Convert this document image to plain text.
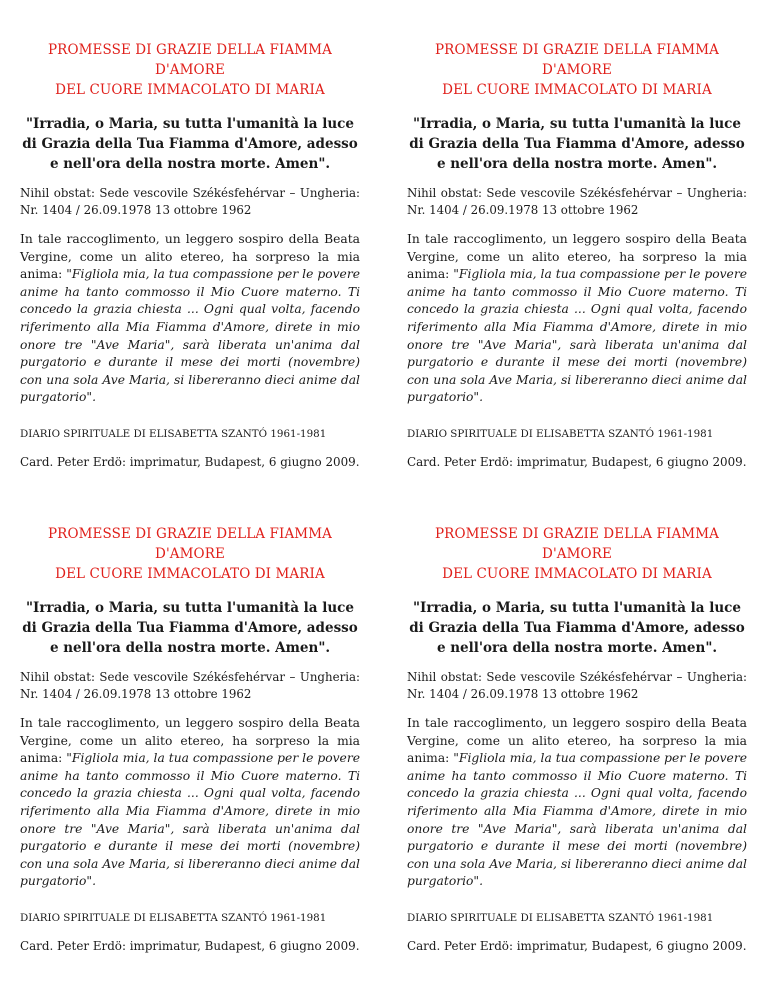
PROMESSE DI GRAZIE DELLA FIAMMA D'AMORE
DEL CUORE IMMACOLATO DI MARIA

"Irradia, o Maria, su tutta l'umanità la luce di Grazia della Tua Fiamma d'Amore, adesso e nell'ora della nostra morte. Amen".

Nihil obstat: Sede vescovile Székésfehérvar – Ungheria: Nr. 1404 / 26.09.1978 13 ottobre 1962

In tale raccoglimento, un leggero sospiro della Beata Vergine, come un alito etereo, ha sorpreso la mia anima: "Figliola mia, la tua compassione per le povere anime ha tanto commosso il Mio Cuore materno. Ti concedo la grazia chiesta ... Ogni qual volta, facendo riferimento alla Mia Fiamma d'Amore, direte in mio onore tre "Ave Maria", sarà liberata un'anima dal purgatorio e durante il mese dei morti (novembre) con una sola Ave Maria, si libereranno dieci anime dal purgatorio".

DIARIO SPIRITUALE DI ELISABETTA SZANTÓ 1961-1981

Card. Peter Erdö: imprimatur, Budapest, 6 giugno 2009.

PROMESSE DI GRAZIE DELLA FIAMMA D'AMORE
DEL CUORE IMMACOLATO DI MARIA

"Irradia, o Maria, su tutta l'umanità la luce di Grazia della Tua Fiamma d'Amore, adesso e nell'ora della nostra morte. Amen".

Nihil obstat: Sede vescovile Székésfehérvar – Ungheria: Nr. 1404 / 26.09.1978 13 ottobre 1962

In tale raccoglimento, un leggero sospiro della Beata Vergine, come un alito etereo, ha sorpreso la mia anima: "Figliola mia, la tua compassione per le povere anime ha tanto commosso il Mio Cuore materno. Ti concedo la grazia chiesta ... Ogni qual volta, facendo riferimento alla Mia Fiamma d'Amore, direte in mio onore tre "Ave Maria", sarà liberata un'anima dal purgatorio e durante il mese dei morti (novembre) con una sola Ave Maria, si libereranno dieci anime dal purgatorio".

DIARIO SPIRITUALE DI ELISABETTA SZANTÓ 1961-1981

Card. Peter Erdö: imprimatur, Budapest, 6 giugno 2009.

PROMESSE DI GRAZIE DELLA FIAMMA D'AMORE
DEL CUORE IMMACOLATO DI MARIA

"Irradia, o Maria, su tutta l'umanità la luce di Grazia della Tua Fiamma d'Amore, adesso e nell'ora della nostra morte. Amen".

Nihil obstat: Sede vescovile Székésfehérvar – Ungheria: Nr. 1404 / 26.09.1978 13 ottobre 1962

In tale raccoglimento, un leggero sospiro della Beata Vergine, come un alito etereo, ha sorpreso la mia anima: "Figliola mia, la tua compassione per le povere anime ha tanto commosso il Mio Cuore materno. Ti concedo la grazia chiesta ... Ogni qual volta, facendo riferimento alla Mia Fiamma d'Amore, direte in mio onore tre "Ave Maria", sarà liberata un'anima dal purgatorio e durante il mese dei morti (novembre) con una sola Ave Maria, si libereranno dieci anime dal purgatorio".

DIARIO SPIRITUALE DI ELISABETTA SZANTÓ 1961-1981

Card. Peter Erdö: imprimatur, Budapest, 6 giugno 2009.

PROMESSE DI GRAZIE DELLA FIAMMA D'AMORE
DEL CUORE IMMACOLATO DI MARIA

"Irradia, o Maria, su tutta l'umanità la luce di Grazia della Tua Fiamma d'Amore, adesso e nell'ora della nostra morte. Amen".

Nihil obstat: Sede vescovile Székésfehérvar – Ungheria: Nr. 1404 / 26.09.1978 13 ottobre 1962

In tale raccoglimento, un leggero sospiro della Beata Vergine, come un alito etereo, ha sorpreso la mia anima: "Figliola mia, la tua compassione per le povere anime ha tanto commosso il Mio Cuore materno. Ti concedo la grazia chiesta ... Ogni qual volta, facendo riferimento alla Mia Fiamma d'Amore, direte in mio onore tre "Ave Maria", sarà liberata un'anima dal purgatorio e durante il mese dei morti (novembre) con una sola Ave Maria, si libereranno dieci anime dal purgatorio".

DIARIO SPIRITUALE DI ELISABETTA SZANTÓ 1961-1981

Card. Peter Erdö: imprimatur, Budapest, 6 giugno 2009.
